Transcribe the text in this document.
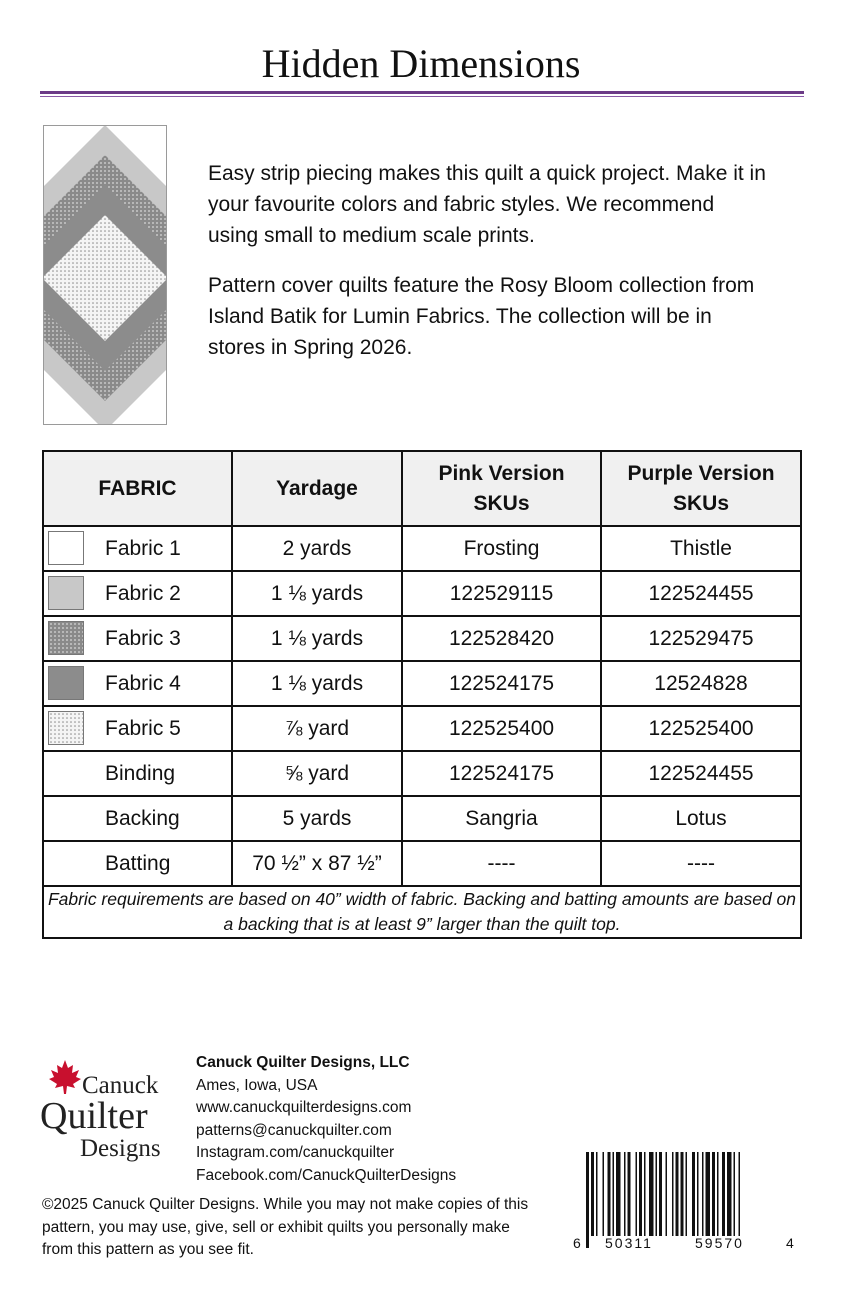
Hidden Dimensions

Easy strip piecing makes this quilt a quick project. Make it in your favourite colors and fabric styles. We recommend using small to medium scale prints.

Pattern cover quilts feature the Rosy Bloom collection from Island Batik for Lumin Fabrics. The collection will be in stores in Spring 2026.

FABRIC	Yardage	Pink Version SKUs	Purple Version SKUs

Fabric 1	2 yards	Frosting	Thistle

Fabric 2	1 ⅛ yards	122529115	122524455

Fabric 3	1 ⅛ yards	122528420	122529475

Fabric 4	1 ⅛ yards	122524175	12524828

Fabric 5	⅞ yard	122525400	122525400

Binding	⅝ yard	122524175	122524455

Backing	5 yards	Sangria	Lotus

Batting	70 ½” x 87 ½”	----	----
Fabric requirements are based on 40” width of fabric. Backing and batting amounts are based on a backing that is at least 9” larger than the quilt top.			
Canuck
Quilter
Designs
Canuck Quilter Designs, LLC
Ames, Iowa, USA
www.canuckquilterdesigns.com
patterns@canuckquilter.com
Instagram.com/canuckquilter
Facebook.com/CanuckQuilterDesigns
©2025 Canuck Quilter Designs. While you may not make copies of this pattern, you may use, give, sell or exhibit quilts you personally make from this pattern as you see fit.	6 50311	59570	4
